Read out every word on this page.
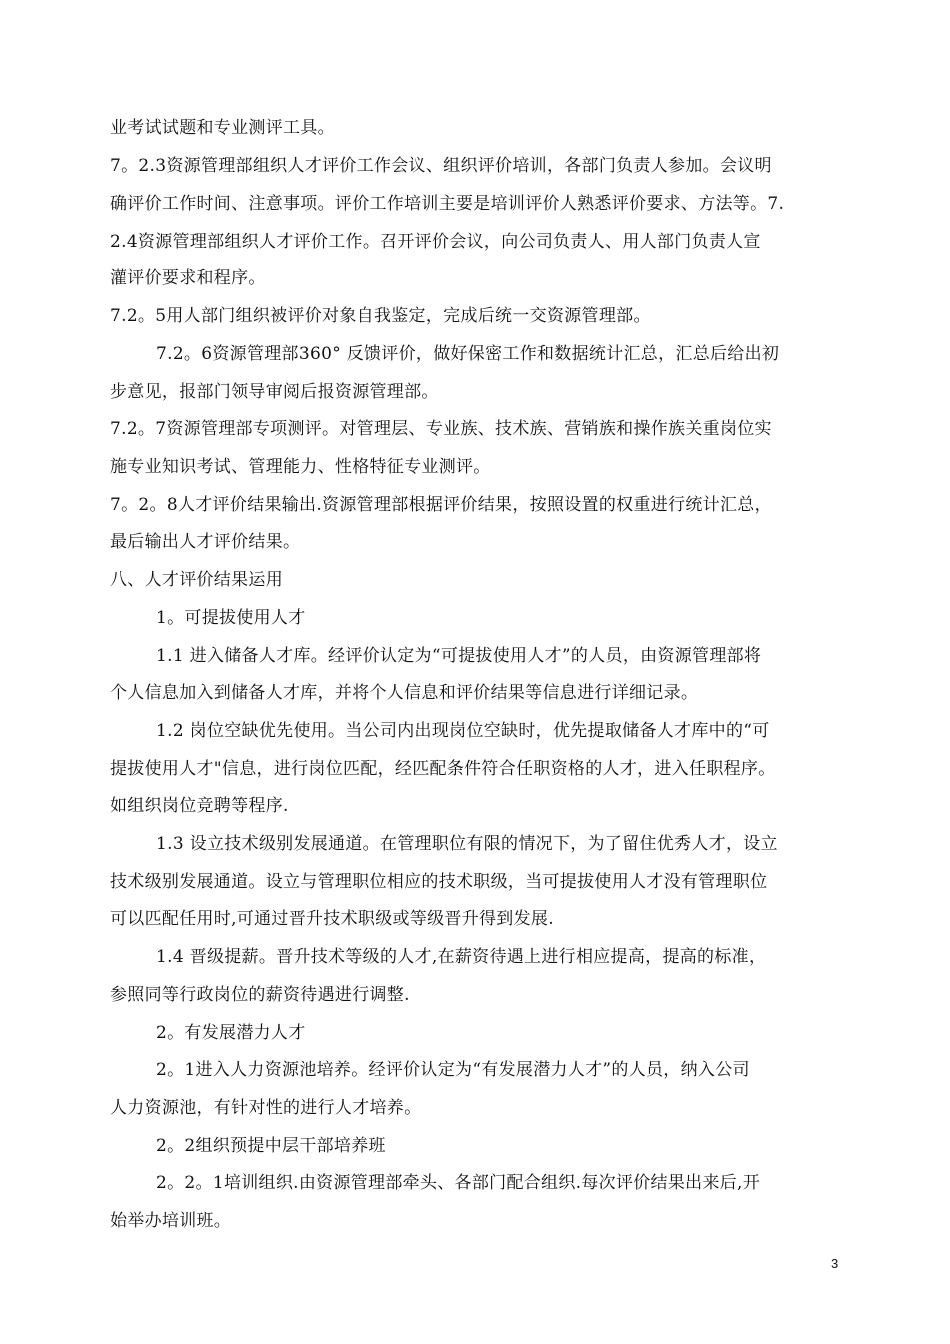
业考试试题和专业测评工具。
7。2.3资源管理部组织人才评价工作会议、组织评价培训，各部门负责人参加。会议明
确评价工作时间、注意事项。评价工作培训主要是培训评价人熟悉评价要求、方法等。7.
2.4资源管理部组织人才评价工作。召开评价会议，向公司负责人、用人部门负责人宣
灌评价要求和程序。
7.2。5用人部门组织被评价对象自我鉴定，完成后统一交资源管理部。
7.2。6资源管理部360° 反馈评价，做好保密工作和数据统计汇总，汇总后给出初
步意见，报部门领导审阅后报资源管理部。
7.2。7资源管理部专项测评。对管理层、专业族、技术族、营销族和操作族关重岗位实
施专业知识考试、管理能力、性格特征专业测评。
7。2。8人才评价结果输出.资源管理部根据评价结果，按照设置的权重进行统计汇总，
最后输出人才评价结果。
八、人才评价结果运用
1。可提拔使用人才
1.1 进入储备人才库。经评价认定为“可提拔使用人才”的人员，由资源管理部将
个人信息加入到储备人才库，并将个人信息和评价结果等信息进行详细记录。
1.2 岗位空缺优先使用。当公司内出现岗位空缺时，优先提取储备人才库中的“可
提拔使用人才"信息，进行岗位匹配，经匹配条件符合任职资格的人才，进入任职程序。
如组织岗位竞聘等程序.
1.3 设立技术级别发展通道。在管理职位有限的情况下，为了留住优秀人才，设立
技术级别发展通道。设立与管理职位相应的技术职级，当可提拔使用人才没有管理职位
可以匹配任用时,可通过晋升技术职级或等级晋升得到发展.
1.4 晋级提薪。晋升技术等级的人才,在薪资待遇上进行相应提高，提高的标准，
参照同等行政岗位的薪资待遇进行调整.
2。有发展潜力人才
2。1进入人力资源池培养。经评价认定为“有发展潜力人才”的人员，纳入公司
人力资源池，有针对性的进行人才培养。
2。2组织预提中层干部培养班
2。2。1培训组织.由资源管理部牵头、各部门配合组织.每次评价结果出来后,开
始举办培训班。
3
